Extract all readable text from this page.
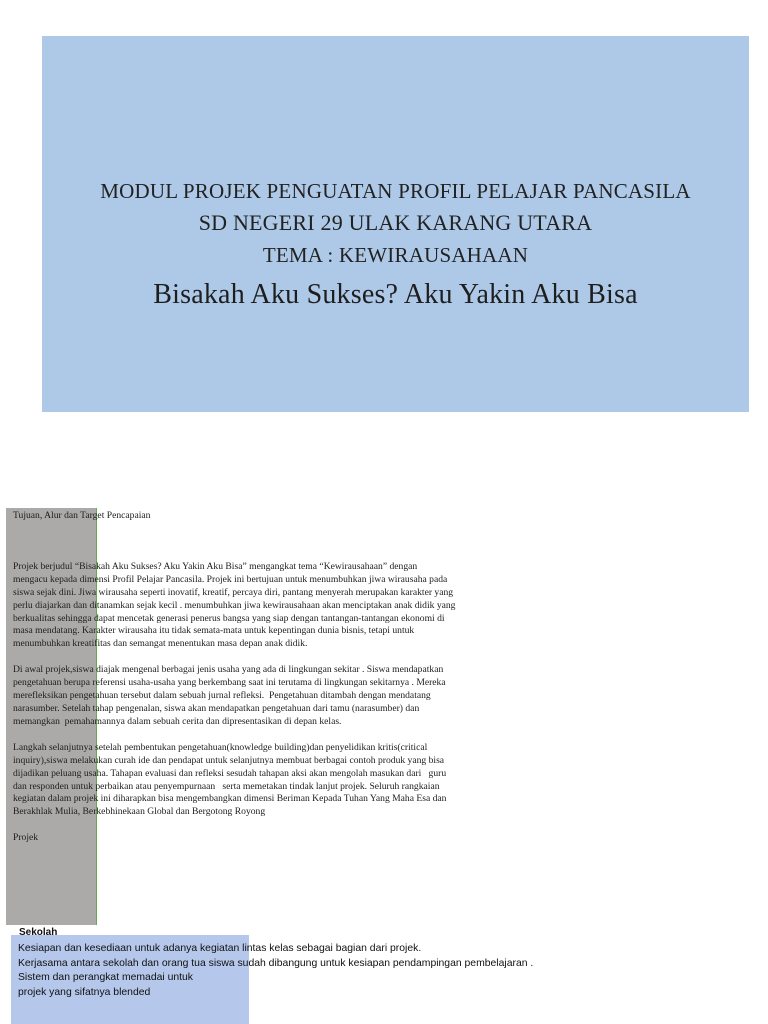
MODUL PROJEK PENGUATAN PROFIL PELAJAR PANCASILA
SD NEGERI 29 ULAK KARANG UTARA
TEMA : KEWIRAUSAHAAN
Bisakah Aku Sukses? Aku Yakin Aku Bisa

Tujuan, Alur dan Target Pencapaian

Projek berjudul “Bisakah Aku Sukses? Aku Yakin Aku Bisa” mengangkat tema “Kewirausahaan” dengan
mengacu kepada dimensi Profil Pelajar Pancasila. Projek ini bertujuan untuk menumbuhkan jiwa wirausaha pada
siswa sejak dini. Jiwa wirausaha seperti inovatif, kreatif, percaya diri, pantang menyerah merupakan karakter yang
perlu diajarkan dan ditanamkan sejak kecil . menumbuhkan jiwa kewirausahaan akan menciptakan anak didik yang
berkualitas sehingga dapat mencetak generasi penerus bangsa yang siap dengan tantangan-tantangan ekonomi di
masa mendatang. Karakter wirausaha itu tidak semata-mata untuk kepentingan dunia bisnis, tetapi untuk
menumbuhkan kreatifitas dan semangat menentukan masa depan anak didik.

Di awal projek,siswa diajak mengenal berbagai jenis usaha yang ada di lingkungan sekitar . Siswa mendapatkan
pengetahuan berupa referensi usaha-usaha yang berkembang saat ini terutama di lingkungan sekitarnya . Mereka
merefleksikan pengetahuan tersebut dalam sebuah jurnal refleksi.  Pengetahuan ditambah dengan mendatang
narasumber. Setelah tahap pengenalan, siswa akan mendapatkan pengetahuan dari tamu (narasumber) dan
memangkan  pemahamannya dalam sebuah cerita dan dipresentasikan di depan kelas.

Langkah selanjutnya setelah pembentukan pengetahuan(knowledge building)dan penyelidikan kritis(critical
inquiry),siswa melakukan curah ide dan pendapat untuk selanjutnya membuat berbagai contoh produk yang bisa
dijadikan peluang usaha. Tahapan evaluasi dan refleksi sesudah tahapan aksi akan mengolah masukan dari   guru
dan responden untuk perbaikan atau penyempurnaan   serta memetakan tindak lanjut projek. Seluruh rangkaian
kegiatan dalam projek ini diharapkan bisa mengembangkan dimensi Beriman Kepada Tuhan Yang Maha Esa dan
Berakhlak Mulia, Berkebhinekaan Global dan Bergotong Royong

Projek

Sekolah
Kesiapan dan kesediaan untuk adanya kegiatan lintas kelas sebagai bagian dari projek.
Kerjasama antara sekolah dan orang tua siswa sudah dibangung untuk kesiapan pendampingan pembelajaran .
Sistem dan perangkat memadai untuk
projek yang sifatnya blended
